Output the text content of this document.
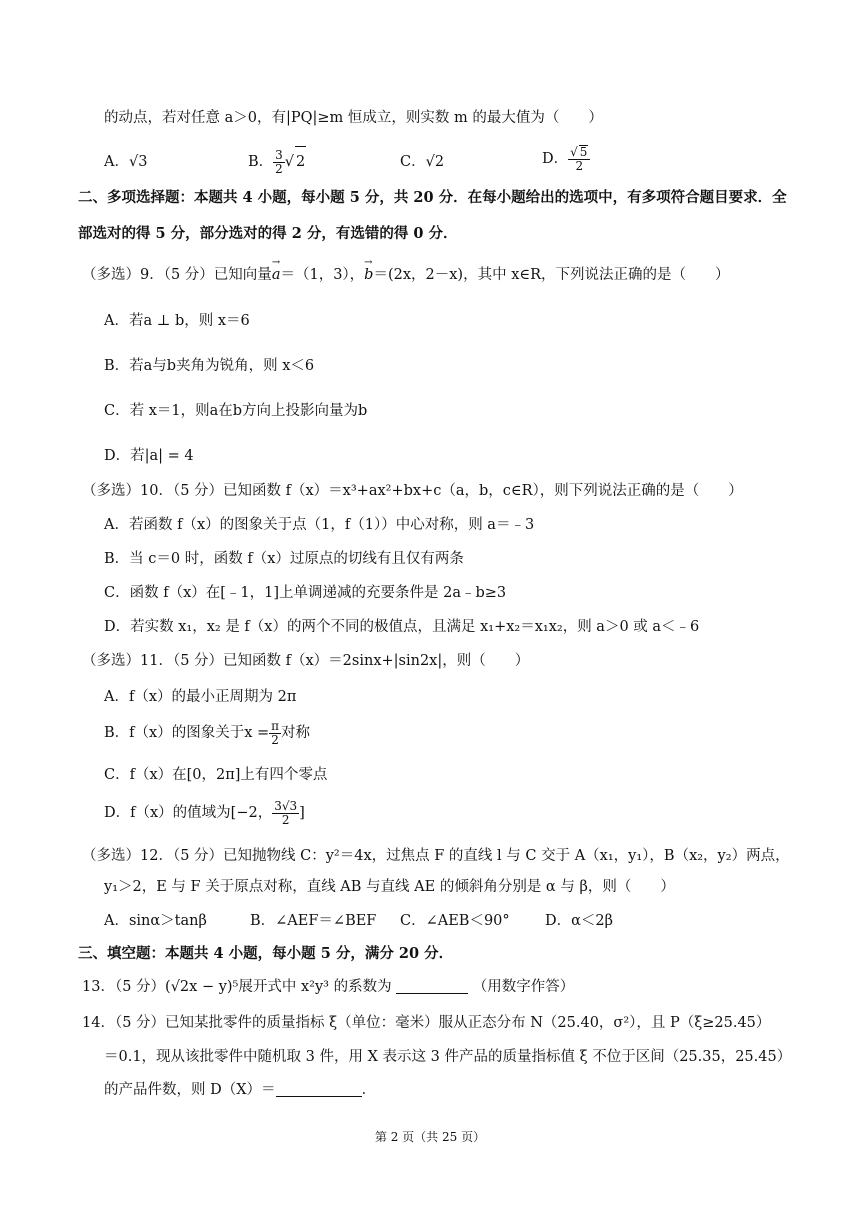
的动点，若对任意 a＞0，有|PQ|≥m 恒成立，则实数 m 的最大值为（　　）
A．√3	B． $\frac{3}{2}$ √ 2	C．√2	D． $\frac{√ 5}{2}$
二、多项选择题：本题共 4 小题，每小题 5 分，共 20 分．在每小题给出的选项中，有多项符合题目要求．全
部选对的得 5 分，部分选对的得 2 分，有选错的得 0 分．
（多选）9．（5 分）已知向量→ a＝（1，3），→ b＝(2x，2－x)，其中 x∈R，下列说法正确的是（　　）
A．若a ⊥ b，则 x＝6
B．若a与b夹角为锐角，则 x＜6
C．若 x＝1，则a在b方向上投影向量为b
D．若|a| = 4
（多选）10．（5 分）已知函数 f（x）＝x³+ax²+bx+c（a，b，c∈R），则下列说法正确的是（　　）
A．若函数 f（x）的图象关于点（1，f（1））中心对称，则 a＝﹣3
B．当 c＝0 时，函数 f（x）过原点的切线有且仅有两条
C．函数 f（x）在[﹣1，1]上单调递减的充要条件是 2a﹣b≥3
D．若实数 x₁，x₂ 是 f（x）的两个不同的极值点，且满足 x₁+x₂＝x₁x₂，则 a＞0 或 a＜﹣6
（多选）11．（5 分）已知函数 f（x）＝2sinx+|sin2x|，则（　　）
A．f（x）的最小正周期为 2π
B．f（x）的图象关于$x = \frac{\pi}{2}$ 对称
C．f（x）在[0，2π]上有四个零点
D．f（x）的值域为[−2， $\frac{3√3}{2}$ ]
（多选）12．（5 分）已知抛物线 C：y²＝4x，过焦点 F 的直线 l 与 C 交于 A（x₁，y₁），B（x₂，y₂）两点，
y₁＞2，E 与 F 关于原点对称，直线 AB 与直线 AE 的倾斜角分别是 α 与 β，则（　　）
A．sinα＞tanβ	B．∠AEF＝∠BEF C．∠AEB＜90° D．α＜2β
三、填空题：本题共 4 小题，每小题 5 分，满分 20 分．
13．（5 分）(√2x − y)⁵展开式中 x²y³ 的系数为	（用数字作答）
14．（5 分）已知某批零件的质量指标 ξ（单位：毫米）服从正态分布 N（25.40，σ²），且 P（ξ≥25.45）
＝0.1，现从该批零件中随机取 3 件，用 X 表示这 3 件产品的质量指标值 ξ 不位于区间（25.35，25.45）
的产品件数，则 D（X）＝	．
第 2 页（共 25 页）
